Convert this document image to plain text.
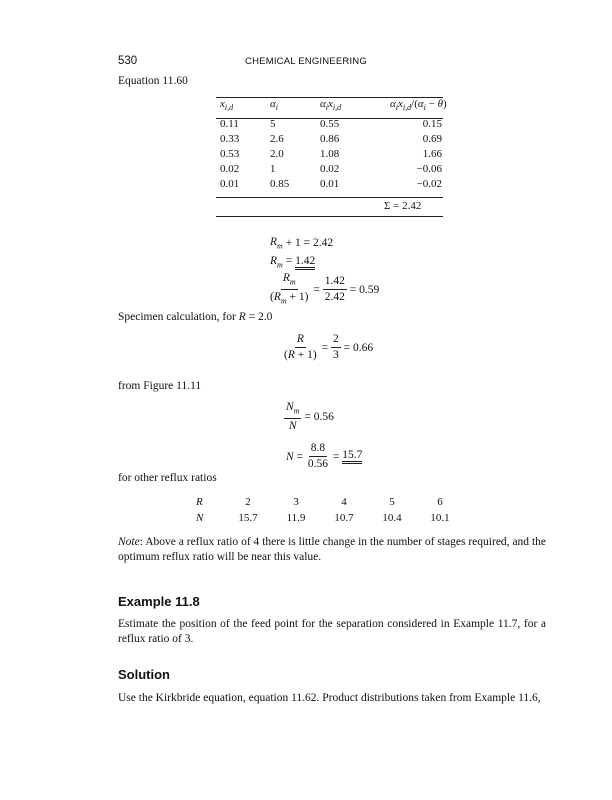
530	CHEMICAL ENGINEERING
Equation 11.60
$x_{i,d}$	$\alpha_i$	$\alpha_ix_{i,d}$	$\alpha_ix_{i,d}/(\alpha_i - \theta)$
0.11	5	0.55	0.15
0.33	2.6	0.86	0.69
0.53	2.0	1.08	1.66
0.02	1	0.02	−0.06
0.01	0.85	0.01	−0.02
Σ = 2.42
$R_m + 1 = 2.42$
$R_m = 1.42$
$\frac{R_m}{(R_m + 1)} = \frac{1.42}{2.42}$
= 0.59
Specimen calculation, for R = 2.0
$\frac{R}{(R + 1)} = \frac{2}{3}$
= 0.66
from Figure 11.11
$\frac{N_m}{N}$
= 0.56
$N = \frac{8.8}{0.56} = 15.7$
for other reflux ratios
R	2	3	4	5	6
N	15.7	11.9	10.7	10.4	10.1
Note: Above a reflux ratio of 4 there is little change in the number of stages required, and the optimum reflux ratio will be near this value.
Example 11.8
Estimate the position of the feed point for the separation considered in Example 11.7, for a reflux ratio of 3.
Solution
Use the Kirkbride equation, equation 11.62. Product distributions taken from Example 11.6,
